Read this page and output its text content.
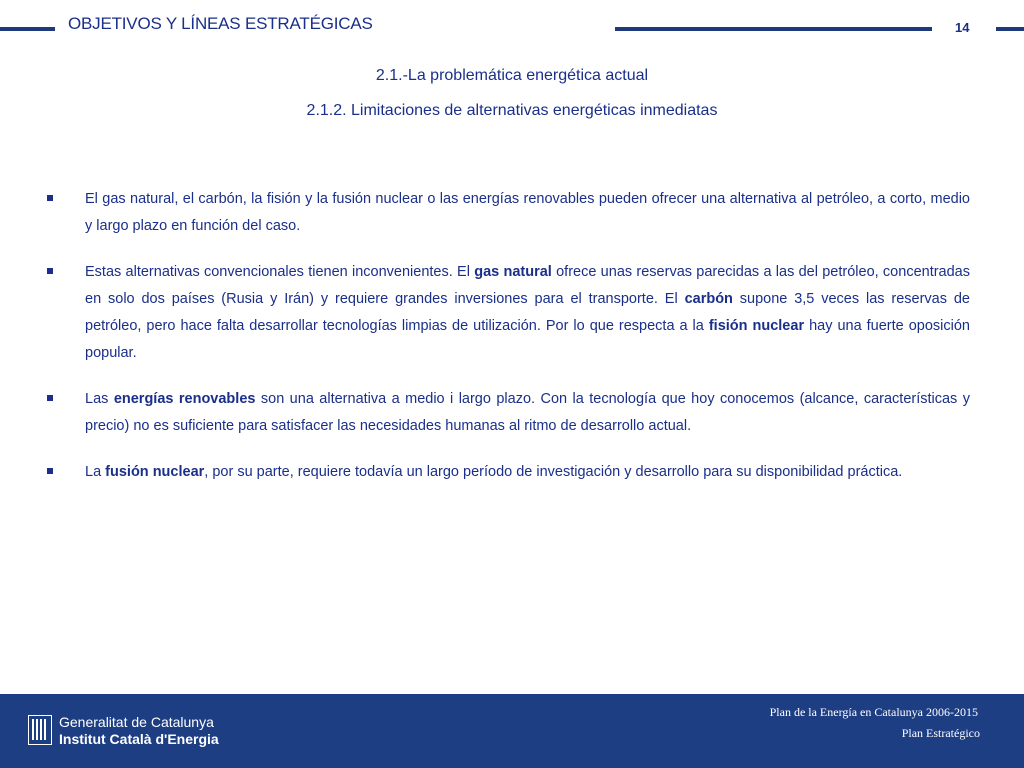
OBJETIVOS Y LÍNEAS ESTRATÉGICAS	14
2.1.-La problemática energética actual
2.1.2. Limitaciones de alternativas energéticas inmediatas
El gas natural, el carbón, la fisión y la fusión nuclear o las energías renovables pueden ofrecer una alternativa al petróleo, a corto, medio y largo plazo en función del caso.
Estas alternativas convencionales tienen inconvenientes. El gas natural ofrece unas reservas parecidas a las del petróleo, concentradas en solo dos países (Rusia y Irán) y requiere grandes inversiones para el transporte. El carbón supone 3,5 veces las reservas de petróleo, pero hace falta desarrollar tecnologías limpias de utilización. Por lo que respecta a la fisión nuclear hay una fuerte oposición popular.
Las energías renovables son una alternativa a medio i largo plazo. Con la tecnología que hoy conocemos (alcance, características y precio) no es suficiente para satisfacer las necesidades humanas al ritmo de desarrollo actual.
La fusión nuclear, por su parte, requiere todavía un largo período de investigación y desarrollo para su disponibilidad práctica.
Generalitat de Catalunya
Institut Català d'Energia
Plan de la Energía en Catalunya 2006-2015
Plan Estratégico
